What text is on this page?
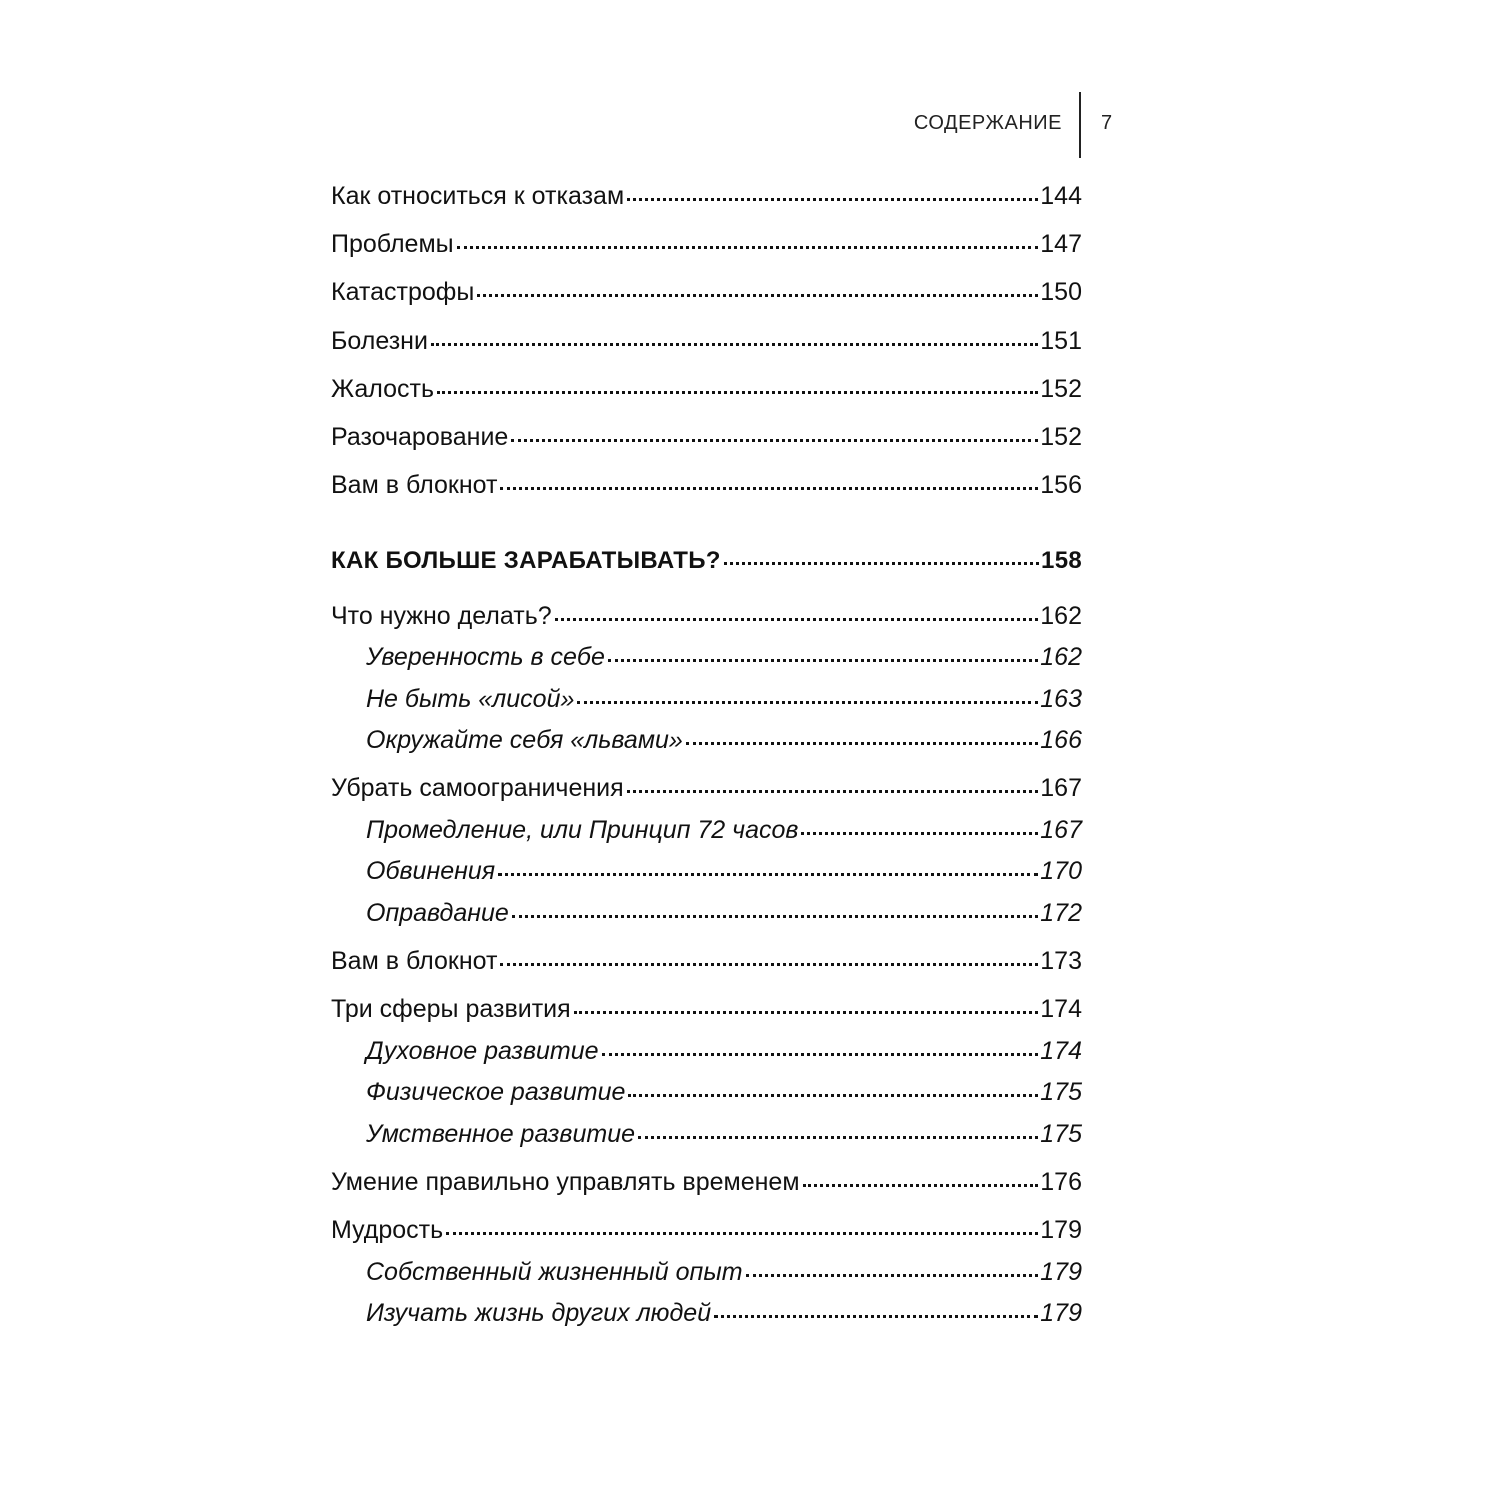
СОДЕРЖАНИЕ 7
Как относиться к отказам	144
Проблемы	147
Катастрофы	150
Болезни	151
Жалость	152
Разочарование	152
Вам в блокнот	156
КАК БОЛЬШЕ ЗАРАБАТЫВАТЬ?	158
Что нужно делать?	162
Уверенность в себе	162
Не быть «лисой»	163
Окружайте себя «львами»	166
Убрать самоограничения	167
Промедление, или Принцип 72 часов	167
Обвинения	170
Оправдание	172
Вам в блокнот	173
Три сферы развития	174
Духовное развитие	174
Физическое развитие	175
Умственное развитие	175
Умение правильно управлять временем	176
Мудрость	179
Собственный жизненный опыт	179
Изучать жизнь других людей	179
